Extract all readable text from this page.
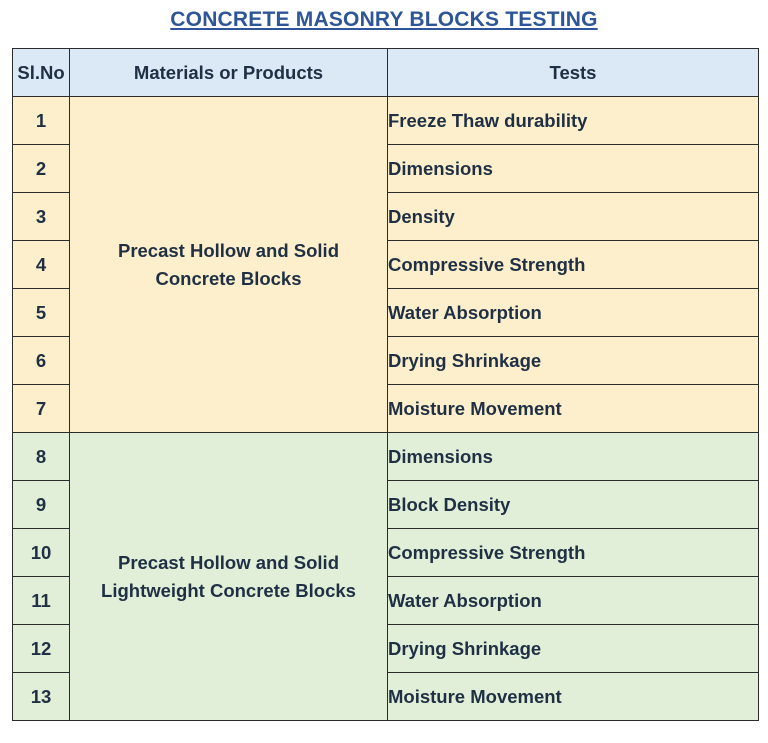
CONCRETE MASONRY BLOCKS TESTING
Sl.No	Materials or Products	Tests
1	Precast Hollow and Solid
Concrete Blocks	Freeze Thaw durability
2		Dimensions
3		Density
4		Compressive Strength
5		Water Absorption
6		Drying Shrinkage
7		Moisture Movement
8	Precast Hollow and Solid
Lightweight Concrete Blocks	Dimensions
9		Block Density
10		Compressive Strength
11		Water Absorption
12		Drying Shrinkage
13		Moisture Movement
